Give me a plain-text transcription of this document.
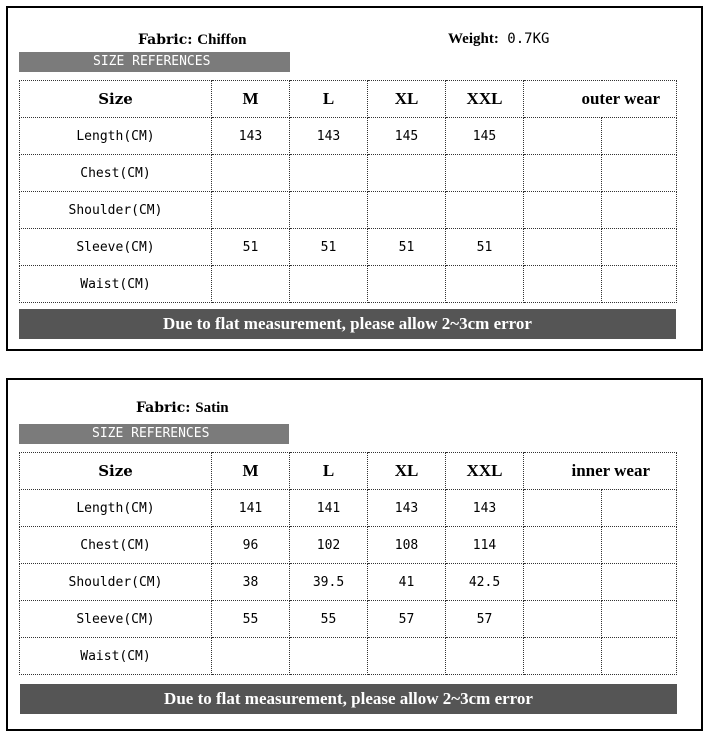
Fabric: Chiffon	Weight: 0.7KG
SIZE REFERENCES
Size	M	L	XL	XXL	outer wear	
Length(CM)	143	143	145	145		
Chest(CM)						
Shoulder(CM)						
Sleeve(CM)	51	51	51	51		
Waist(CM)						
Due to flat measurement, please allow 2~3cm error
Fabric: Satin
SIZE REFERENCES
Size	M	L	XL	XXL	inner wear	
Length(CM)	141	141	143	143		
Chest(CM)	96	102	108	114		
Shoulder(CM)	38	39.5	41	42.5		
Sleeve(CM)	55	55	57	57		
Waist(CM)						
Due to flat measurement, please allow 2~3cm error
